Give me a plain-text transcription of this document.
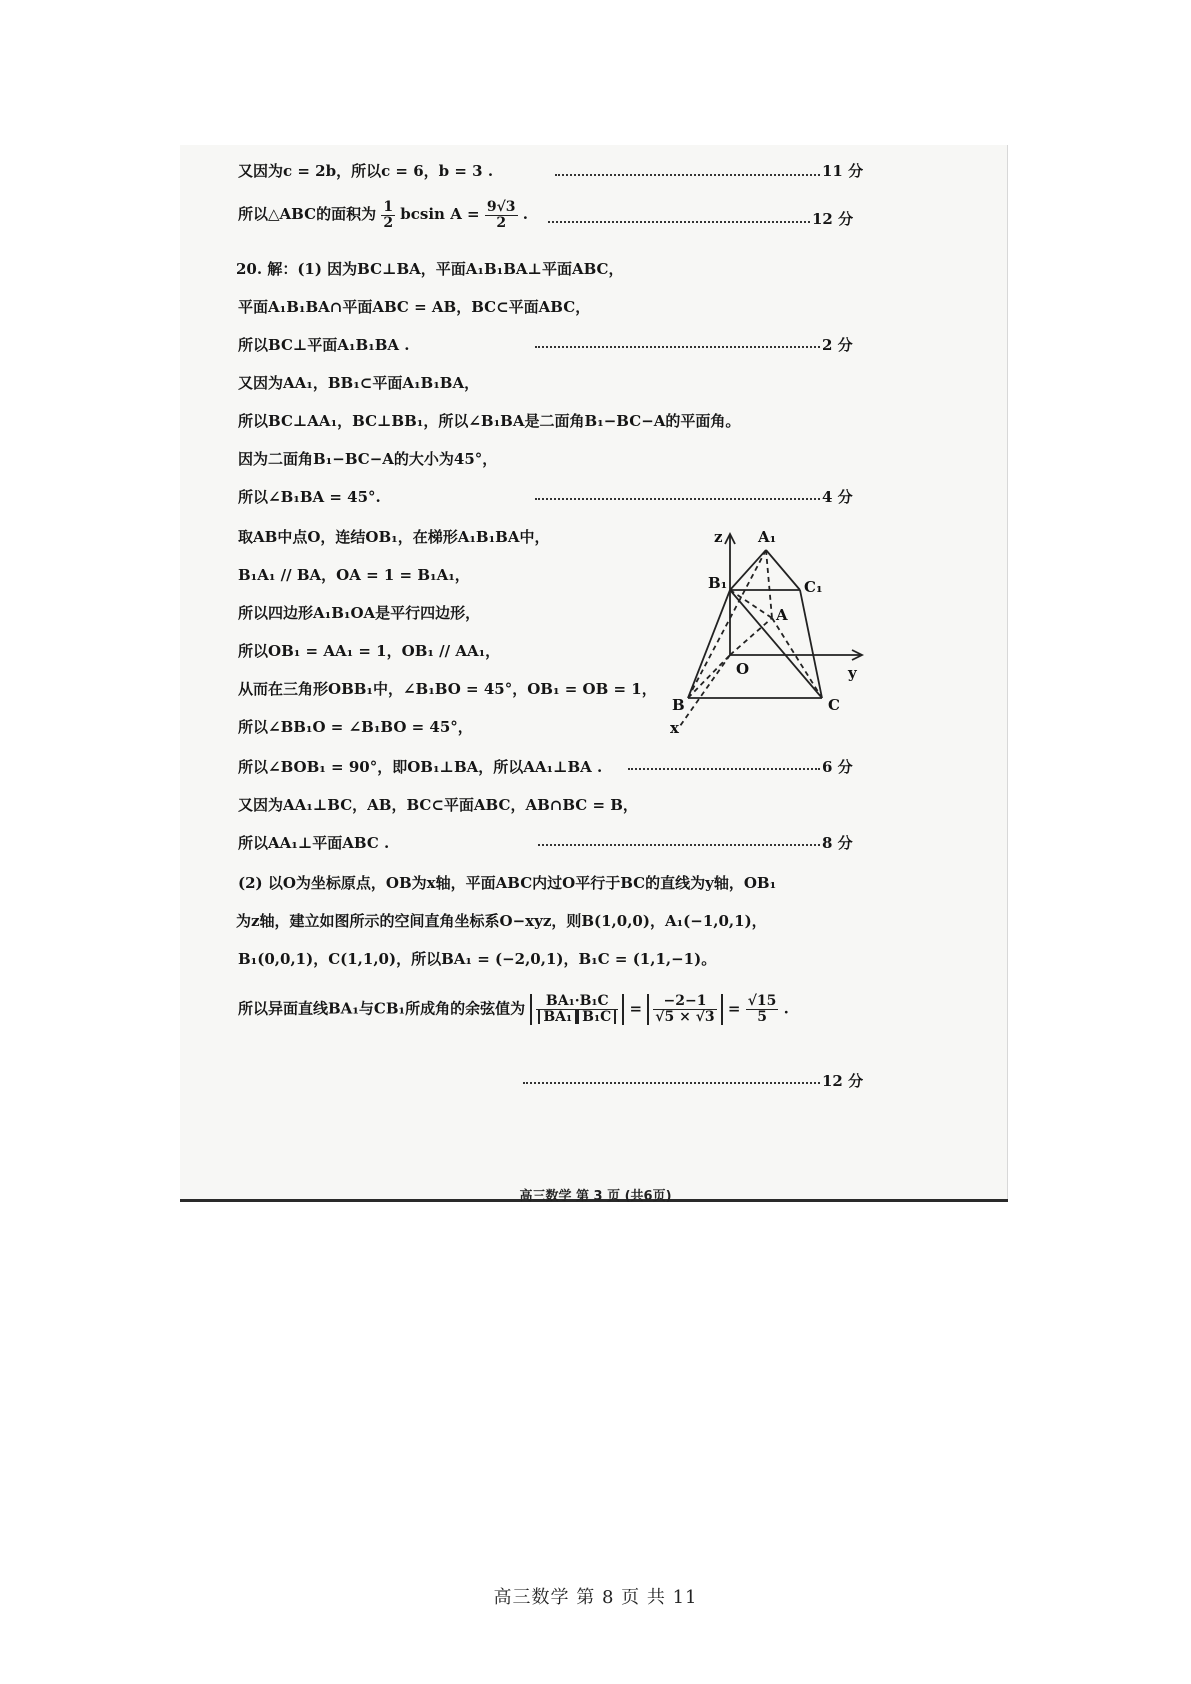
又因为c = 2b，所以c = 6，b = 3 .	11 分
所以△ABC的面积为 $\frac{1}{2}$ bcsin $A = \frac{9√3}{2}$ .	12 分
20. 解：(1) 因为BC⊥BA，平面A₁B₁BA⊥平面ABC，
平面A₁B₁BA∩平面ABC = AB，BC⊂平面ABC，
所以BC⊥平面A₁B₁BA .	2 分
又因为AA₁，BB₁⊂平面A₁B₁BA，
所以BC⊥AA₁，BC⊥BB₁，所以∠B₁BA是二面角B₁−BC−A的平面角。
因为二面角B₁−BC−A的大小为45°，
所以∠B₁BA = 45°.	4 分
取AB中点O，连结OB₁，在梯形A₁B₁BA中，
B₁A₁ // BA，OA = 1 = B₁A₁，
所以四边形A₁B₁OA是平行四边形，
所以OB₁ = AA₁ = 1，OB₁ // AA₁，
从而在三角形OBB₁中，∠B₁BO = 45°，OB₁ = OB = 1，
所以∠BB₁O = ∠B₁BO = 45°，
所以∠BOB₁ = 90°，即OB₁⊥BA，所以AA₁⊥BA .	6 分
又因为AA₁⊥BC，AB，BC⊂平面ABC，AB∩BC = B，
所以AA₁⊥平面ABC .	8 分
(2) 以O为坐标原点，OB为x轴，平面ABC内过O平行于BC的直线为y轴，OB₁
为z轴，建立如图所示的空间直角坐标系O−xyz，则B(1,0,0)，A₁(−1,0,1)，
B₁(0,0,1)，C(1,1,0)，所以BA₁ = (−2,0,1)，B₁C = (1,1,−1)。
所以异面直线BA₁与CB₁所成角的余弦值为 $\frac{\text{BA₁·B₁C}}{\text{BA₁ B₁C}} = \frac{-2-1}{√5 \times √3} = \frac{√15}{5}$ .
12 分
z A₁
B₁	C₁
A
O	y
B	C
x
高三数学 第 3 页 (共6页)
高三数学 第 8 页 共 11
